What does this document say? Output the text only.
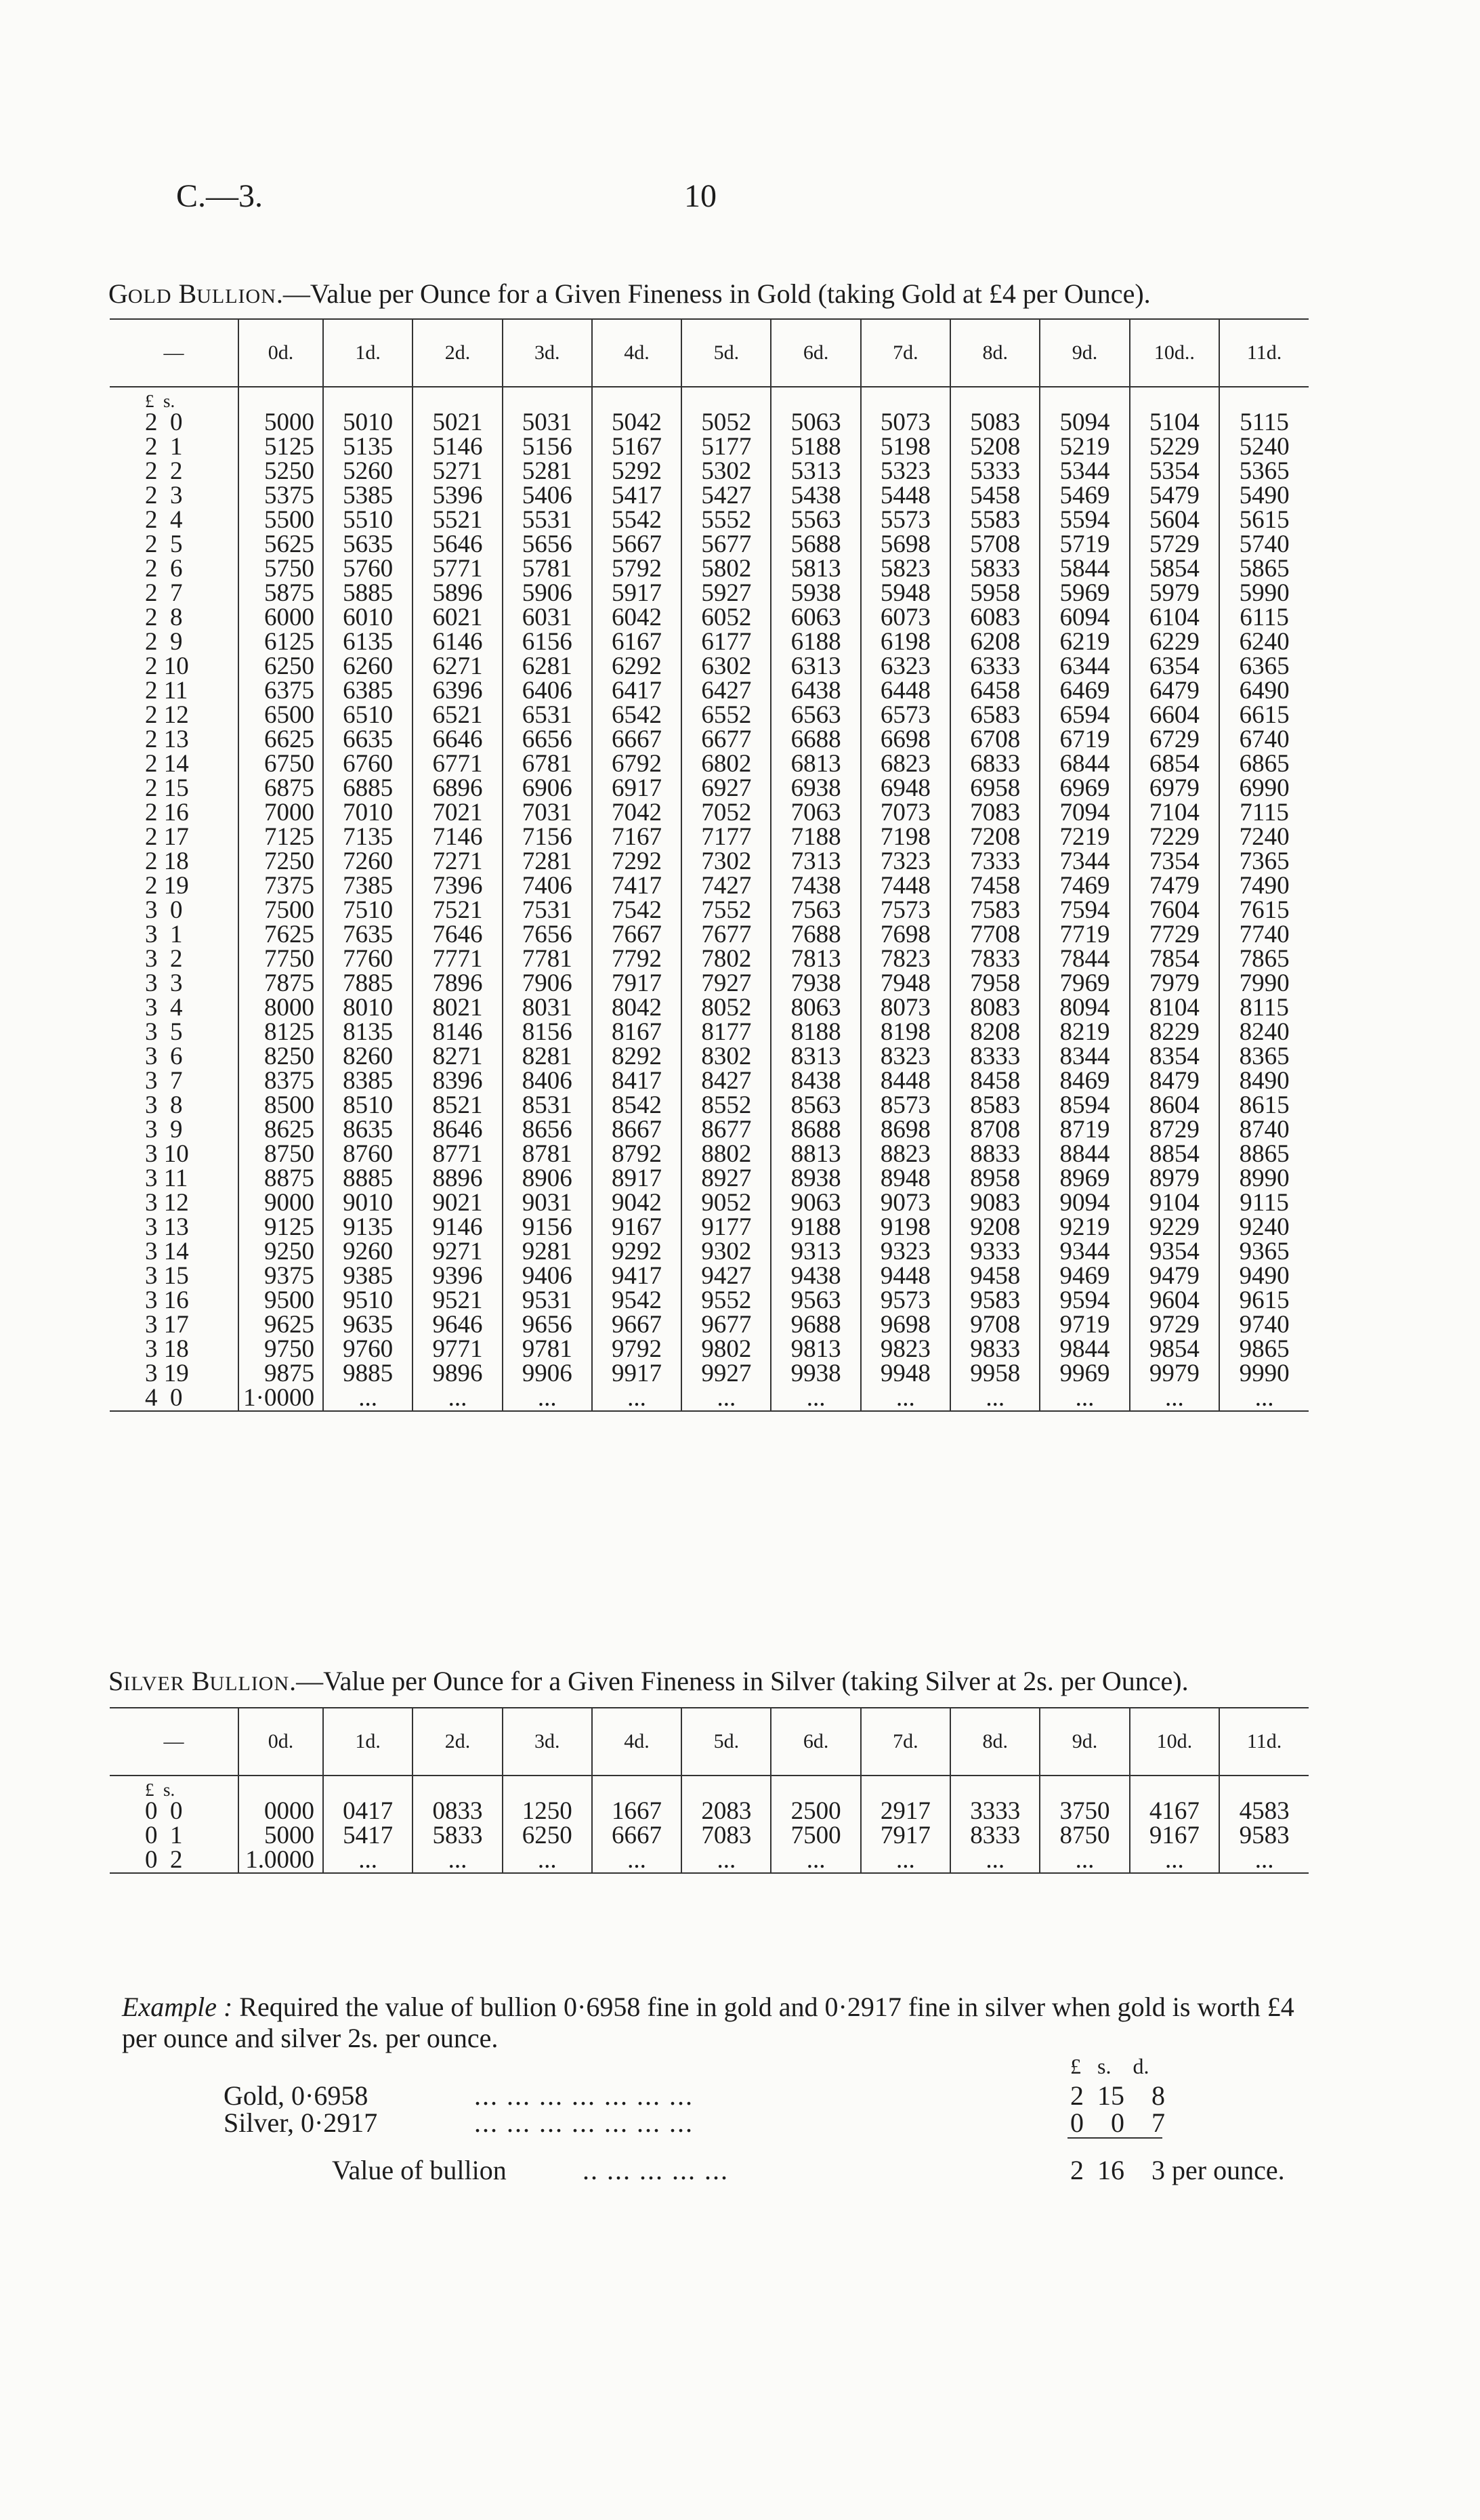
C.—3.	10
GOLD BULLION.—Value per Ounce for a Given Fineness in Gold (taking Gold at £4 per Ounce).
—	0d.	1d.	2d.	3d.	4d.	5d.	6d.	7d.	8d.	9d.	10d..	11d.
£  s.												
2  0	5000	5010	5021	5031	5042	5052	5063	5073	5083	5094	5104	5115
2  1	5125	5135	5146	5156	5167	5177	5188	5198	5208	5219	5229	5240
2  2	5250	5260	5271	5281	5292	5302	5313	5323	5333	5344	5354	5365
2  3	5375	5385	5396	5406	5417	5427	5438	5448	5458	5469	5479	5490
2  4	5500	5510	5521	5531	5542	5552	5563	5573	5583	5594	5604	5615
2  5	5625	5635	5646	5656	5667	5677	5688	5698	5708	5719	5729	5740
2  6	5750	5760	5771	5781	5792	5802	5813	5823	5833	5844	5854	5865
2  7	5875	5885	5896	5906	5917	5927	5938	5948	5958	5969	5979	5990
2  8	6000	6010	6021	6031	6042	6052	6063	6073	6083	6094	6104	6115
2  9	6125	6135	6146	6156	6167	6177	6188	6198	6208	6219	6229	6240
2 10	6250	6260	6271	6281	6292	6302	6313	6323	6333	6344	6354	6365
2 11	6375	6385	6396	6406	6417	6427	6438	6448	6458	6469	6479	6490
2 12	6500	6510	6521	6531	6542	6552	6563	6573	6583	6594	6604	6615
2 13	6625	6635	6646	6656	6667	6677	6688	6698	6708	6719	6729	6740
2 14	6750	6760	6771	6781	6792	6802	6813	6823	6833	6844	6854	6865
2 15	6875	6885	6896	6906	6917	6927	6938	6948	6958	6969	6979	6990
2 16	7000	7010	7021	7031	7042	7052	7063	7073	7083	7094	7104	7115
2 17	7125	7135	7146	7156	7167	7177	7188	7198	7208	7219	7229	7240
2 18	7250	7260	7271	7281	7292	7302	7313	7323	7333	7344	7354	7365
2 19	7375	7385	7396	7406	7417	7427	7438	7448	7458	7469	7479	7490
3  0	7500	7510	7521	7531	7542	7552	7563	7573	7583	7594	7604	7615
3  1	7625	7635	7646	7656	7667	7677	7688	7698	7708	7719	7729	7740
3  2	7750	7760	7771	7781	7792	7802	7813	7823	7833	7844	7854	7865
3  3	7875	7885	7896	7906	7917	7927	7938	7948	7958	7969	7979	7990
3  4	8000	8010	8021	8031	8042	8052	8063	8073	8083	8094	8104	8115
3  5	8125	8135	8146	8156	8167	8177	8188	8198	8208	8219	8229	8240
3  6	8250	8260	8271	8281	8292	8302	8313	8323	8333	8344	8354	8365
3  7	8375	8385	8396	8406	8417	8427	8438	8448	8458	8469	8479	8490
3  8	8500	8510	8521	8531	8542	8552	8563	8573	8583	8594	8604	8615
3  9	8625	8635	8646	8656	8667	8677	8688	8698	8708	8719	8729	8740
3 10	8750	8760	8771	8781	8792	8802	8813	8823	8833	8844	8854	8865
3 11	8875	8885	8896	8906	8917	8927	8938	8948	8958	8969	8979	8990
3 12	9000	9010	9021	9031	9042	9052	9063	9073	9083	9094	9104	9115
3 13	9125	9135	9146	9156	9167	9177	9188	9198	9208	9219	9229	9240
3 14	9250	9260	9271	9281	9292	9302	9313	9323	9333	9344	9354	9365
3 15	9375	9385	9396	9406	9417	9427	9438	9448	9458	9469	9479	9490
3 16	9500	9510	9521	9531	9542	9552	9563	9573	9583	9594	9604	9615
3 17	9625	9635	9646	9656	9667	9677	9688	9698	9708	9719	9729	9740
3 18	9750	9760	9771	9781	9792	9802	9813	9823	9833	9844	9854	9865
3 19	9875	9885	9896	9906	9917	9927	9938	9948	9958	9969	9979	9990
4  0	1·0000	...	...	...	...	...	...	...	...	...	...	...
SILVER BULLION.—Value per Ounce for a Given Fineness in Silver (taking Silver at 2s. per Ounce).
—	0d.	1d.	2d.	3d.	4d.	5d.	6d.	7d.	8d.	9d.	10d.	11d.
£  s.												
0  0	0000	0417	0833	1250	1667	2083	2500	2917	3333	3750	4167	4583
0  1	5000	5417	5833	6250	6667	7083	7500	7917	8333	8750	9167	9583
0  2	1.0000	...	...	...	...	...	...	...	...	...	...	...
Example : Required the value of bullion 0·6958 fine in gold and 0·2917 fine in silver when gold is worth £4 per ounce and silver 2s. per ounce.
£   s.    d.
Gold, 0·6958	... ... ... ... ... ... ...	2  15    8
Silver, 0·2917	... ... ... ... ... ... ...	0    0    7
Value of bullion	.. ... ... ... ...	2  16    3 per ounce.
